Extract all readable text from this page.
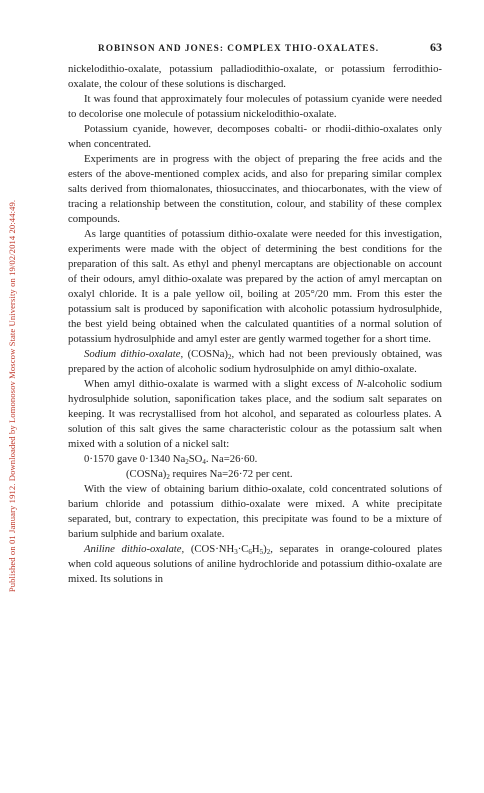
Published on 01 January 1912. Downloaded by Lomonosov Moscow State University on 19/02/2014 20:44:49.
ROBINSON AND JONES: COMPLEX THIO-OXALATES.	63

nickelodithio-oxalate, potassium palladiodithio-oxalate, or potassium ferrodithio-oxalate, the colour of these solutions is discharged.

It was found that approximately four molecules of potassium cyanide were needed to decolorise one molecule of potassium nickelodithio-oxalate.

Potassium cyanide, however, decomposes cobalti- or rhodii-dithio-oxalates only when concentrated.

Experiments are in progress with the object of preparing the free acids and the esters of the above-mentioned complex acids, and also for preparing similar complex salts derived from thiomalonates, thiosuccinates, and thiocarbonates, with the view of tracing a relationship between the constitution, colour, and stability of these complex compounds.

As large quantities of potassium dithio-oxalate were needed for this investigation, experiments were made with the object of determining the best conditions for the preparation of this salt. As ethyl and phenyl mercaptans are objectionable on account of their odours, amyl dithio-oxalate was prepared by the action of amyl mercaptan on oxalyl chloride. It is a pale yellow oil, boiling at 205°/20 mm. From this ester the potassium salt is produced by saponification with alcoholic potassium hydrosulphide, the best yield being obtained when the calculated quantities of a normal solution of potassium hydrosulphide and amyl ester are gently warmed together for a short time.

Sodium dithio-oxalate, $(COSNa)_2$, which had not been previously obtained, was prepared by the action of alcoholic sodium hydrosulphide on amyl dithio-oxalate.

When amyl dithio-oxalate is warmed with a slight excess of N-alcoholic sodium hydrosulphide solution, saponification takes place, and the sodium salt separates on keeping. It was recrystallised from hot alcohol, and separated as colourless plates. A solution of this salt gives the same characteristic colour as the potassium salt when mixed with a solution of a nickel salt:

0·1570 gave 0·1340 $Na_2SO_4$. Na=26·60.

$(COSNa)_2$ requires Na=26·72 per cent.

With the view of obtaining barium dithio-oxalate, cold concentrated solutions of barium chloride and potassium dithio-oxalate were mixed. A white precipitate separated, but, contrary to expectation, this precipitate was found to be a mixture of barium sulphide and barium oxalate.

Aniline dithio-oxalate, $(COS\cdot NH_3\cdot C_6H_5)_2$, separates in orange-coloured plates when cold aqueous solutions of aniline hydrochloride and potassium dithio-oxalate are mixed. Its solutions in
